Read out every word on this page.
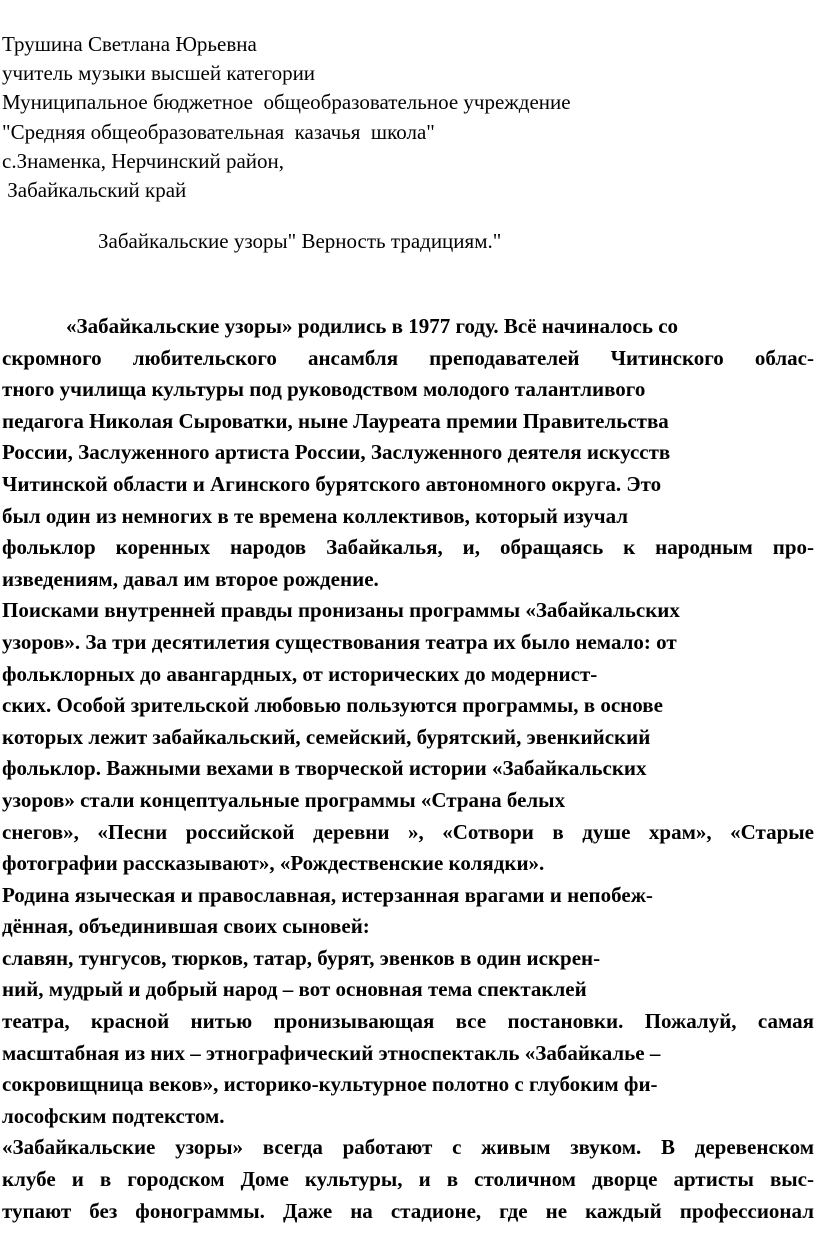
Трушина Светлана Юрьевна
учитель музыки высшей категории
Муниципальное бюджетное  общеобразовательное учреждение
"Средняя общеобразовательная  казачья  школа"
с.Знаменка, Нерчинский район,
Забайкальский край
Забайкальские узоры" Верность традициям."
«Забайкальские узоры» родились в 1977 году. Всё начиналось со
скромного любительского ансамбля преподавателей Читинского облас-
тного училища культуры под руководством молодого талантливого
педагога Николая Сыроватки, ныне Лауреата премии Правительства
России, Заслуженного артиста России, Заслуженного деятеля искусств
Читинской области и Агинского бурятского автономного округа. Это
был один из немногих в те времена коллективов, который изучал
фольклор коренных народов Забайкалья, и, обращаясь к народным про-
изведениям, давал им второе рождение.
Поисками внутренней правды пронизаны программы «Забайкальских
узоров». За три десятилетия существования театра их было немало: от
фольклорных до авангардных, от исторических до модернист-
ских. Особой зрительской любовью пользуются программы, в основе
которых лежит забайкальский, семейский, бурятский, эвенкийский
фольклор. Важными вехами в творческой истории «Забайкальских
узоров» стали концептуальные программы «Страна белых
снегов», «Песни российской деревни », «Сотвори в душе храм», «Старые
фотографии рассказывают», «Рождественские колядки».
Родина языческая и православная, истерзанная врагами и непобеж-
дённая, объединившая своих сыновей:
славян, тунгусов, тюрков, татар, бурят, эвенков в один искрен-
ний, мудрый и добрый народ – вот основная тема спектаклей
театра, красной нитью пронизывающая все постановки. Пожалуй, самая
масштабная из них – этнографический этноспектакль «Забайкалье –
сокровищница веков», историко-культурное полотно с глубоким фи-
лософским подтекстом.
«Забайкальские узоры» всегда работают с живым звуком. В деревенском
клубе и в городском Доме культуры, и в столичном дворце артисты выс-
тупают без фонограммы. Даже на стадионе, где не каждый профессионал
